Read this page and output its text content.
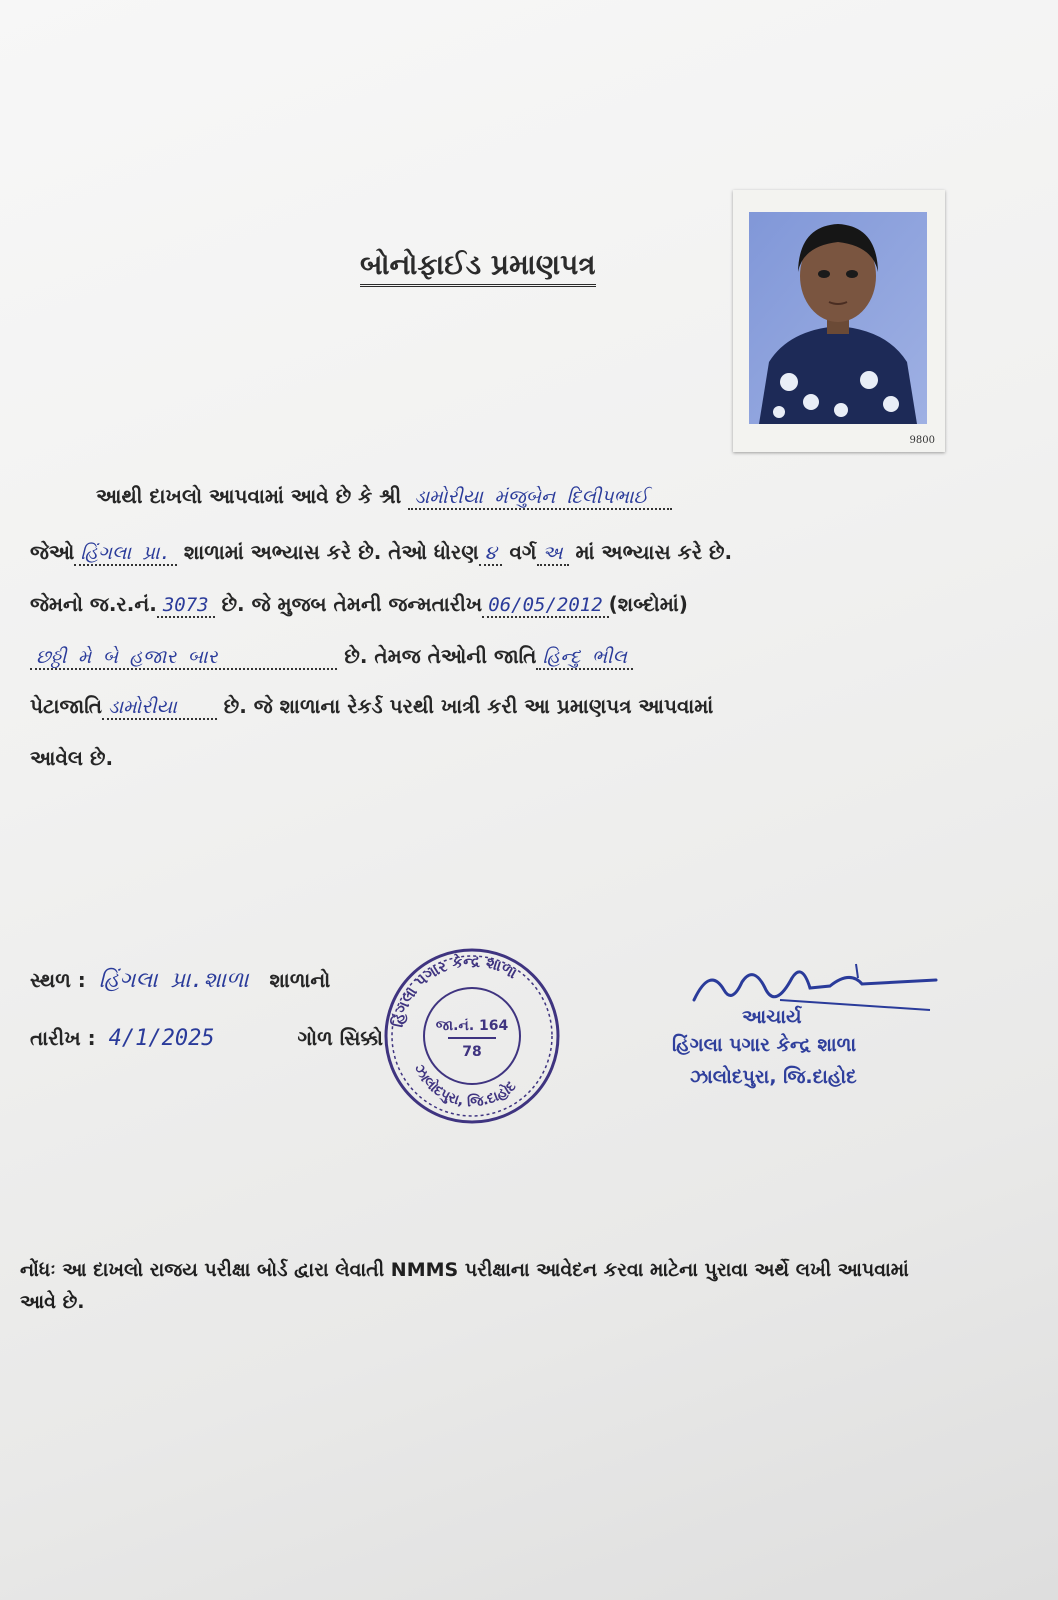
બોનોફાઈડ પ્રમાણપત્ર
9800
આથી દાખલો આપવામાં આવે છે કે શ્રી ડામોરીયા મંજુબેન દિલીપભાઈ
જેઓ હિંગલા પ્રા. શાળામાં અભ્યાસ કરે છે. તેઓ ધોરણ ૪ વર્ગ અ માં અભ્યાસ કરે છે.
જેમનો જ.ર.નં. 3073 છે. જે મુજબ તેમની જન્મતારીખ 06/05/2012 (શબ્દોમાં)
છઠ્ઠી મે બે હજાર બાર	છે. તેમજ તેઓની જાતિ હિન્દુ ભીલ
પેટાજાતિ ડામોરીયા છે. જે શાળાના રેકર્ડ પરથી ખાત્રી કરી આ પ્રમાણપત્ર આપવામાં
આવેલ છે.
સ્થળ : હિંગલા પ્રા.શાળા શાળાનો
તારીખ : 4/1/2025	ગોળ સિક્કો
હિંગલા પગાર કેન્દ્ર શાળા
ઝાલોદપુરા, જિ.દાહોદ
જા.નં. 164
78
આચાર્ય
હિંગલા પગાર કેન્દ્ર શાળા
ઝાલોદપુરા, જિ.દાહોદ
નોંધઃ આ દાખલો રાજય પરીક્ષા બોર્ડ દ્વારા લેવાતી NMMS પરીક્ષાના આવેદન કરવા માટેના પુરાવા અર્થે લખી આપવામાં આવે છે.
